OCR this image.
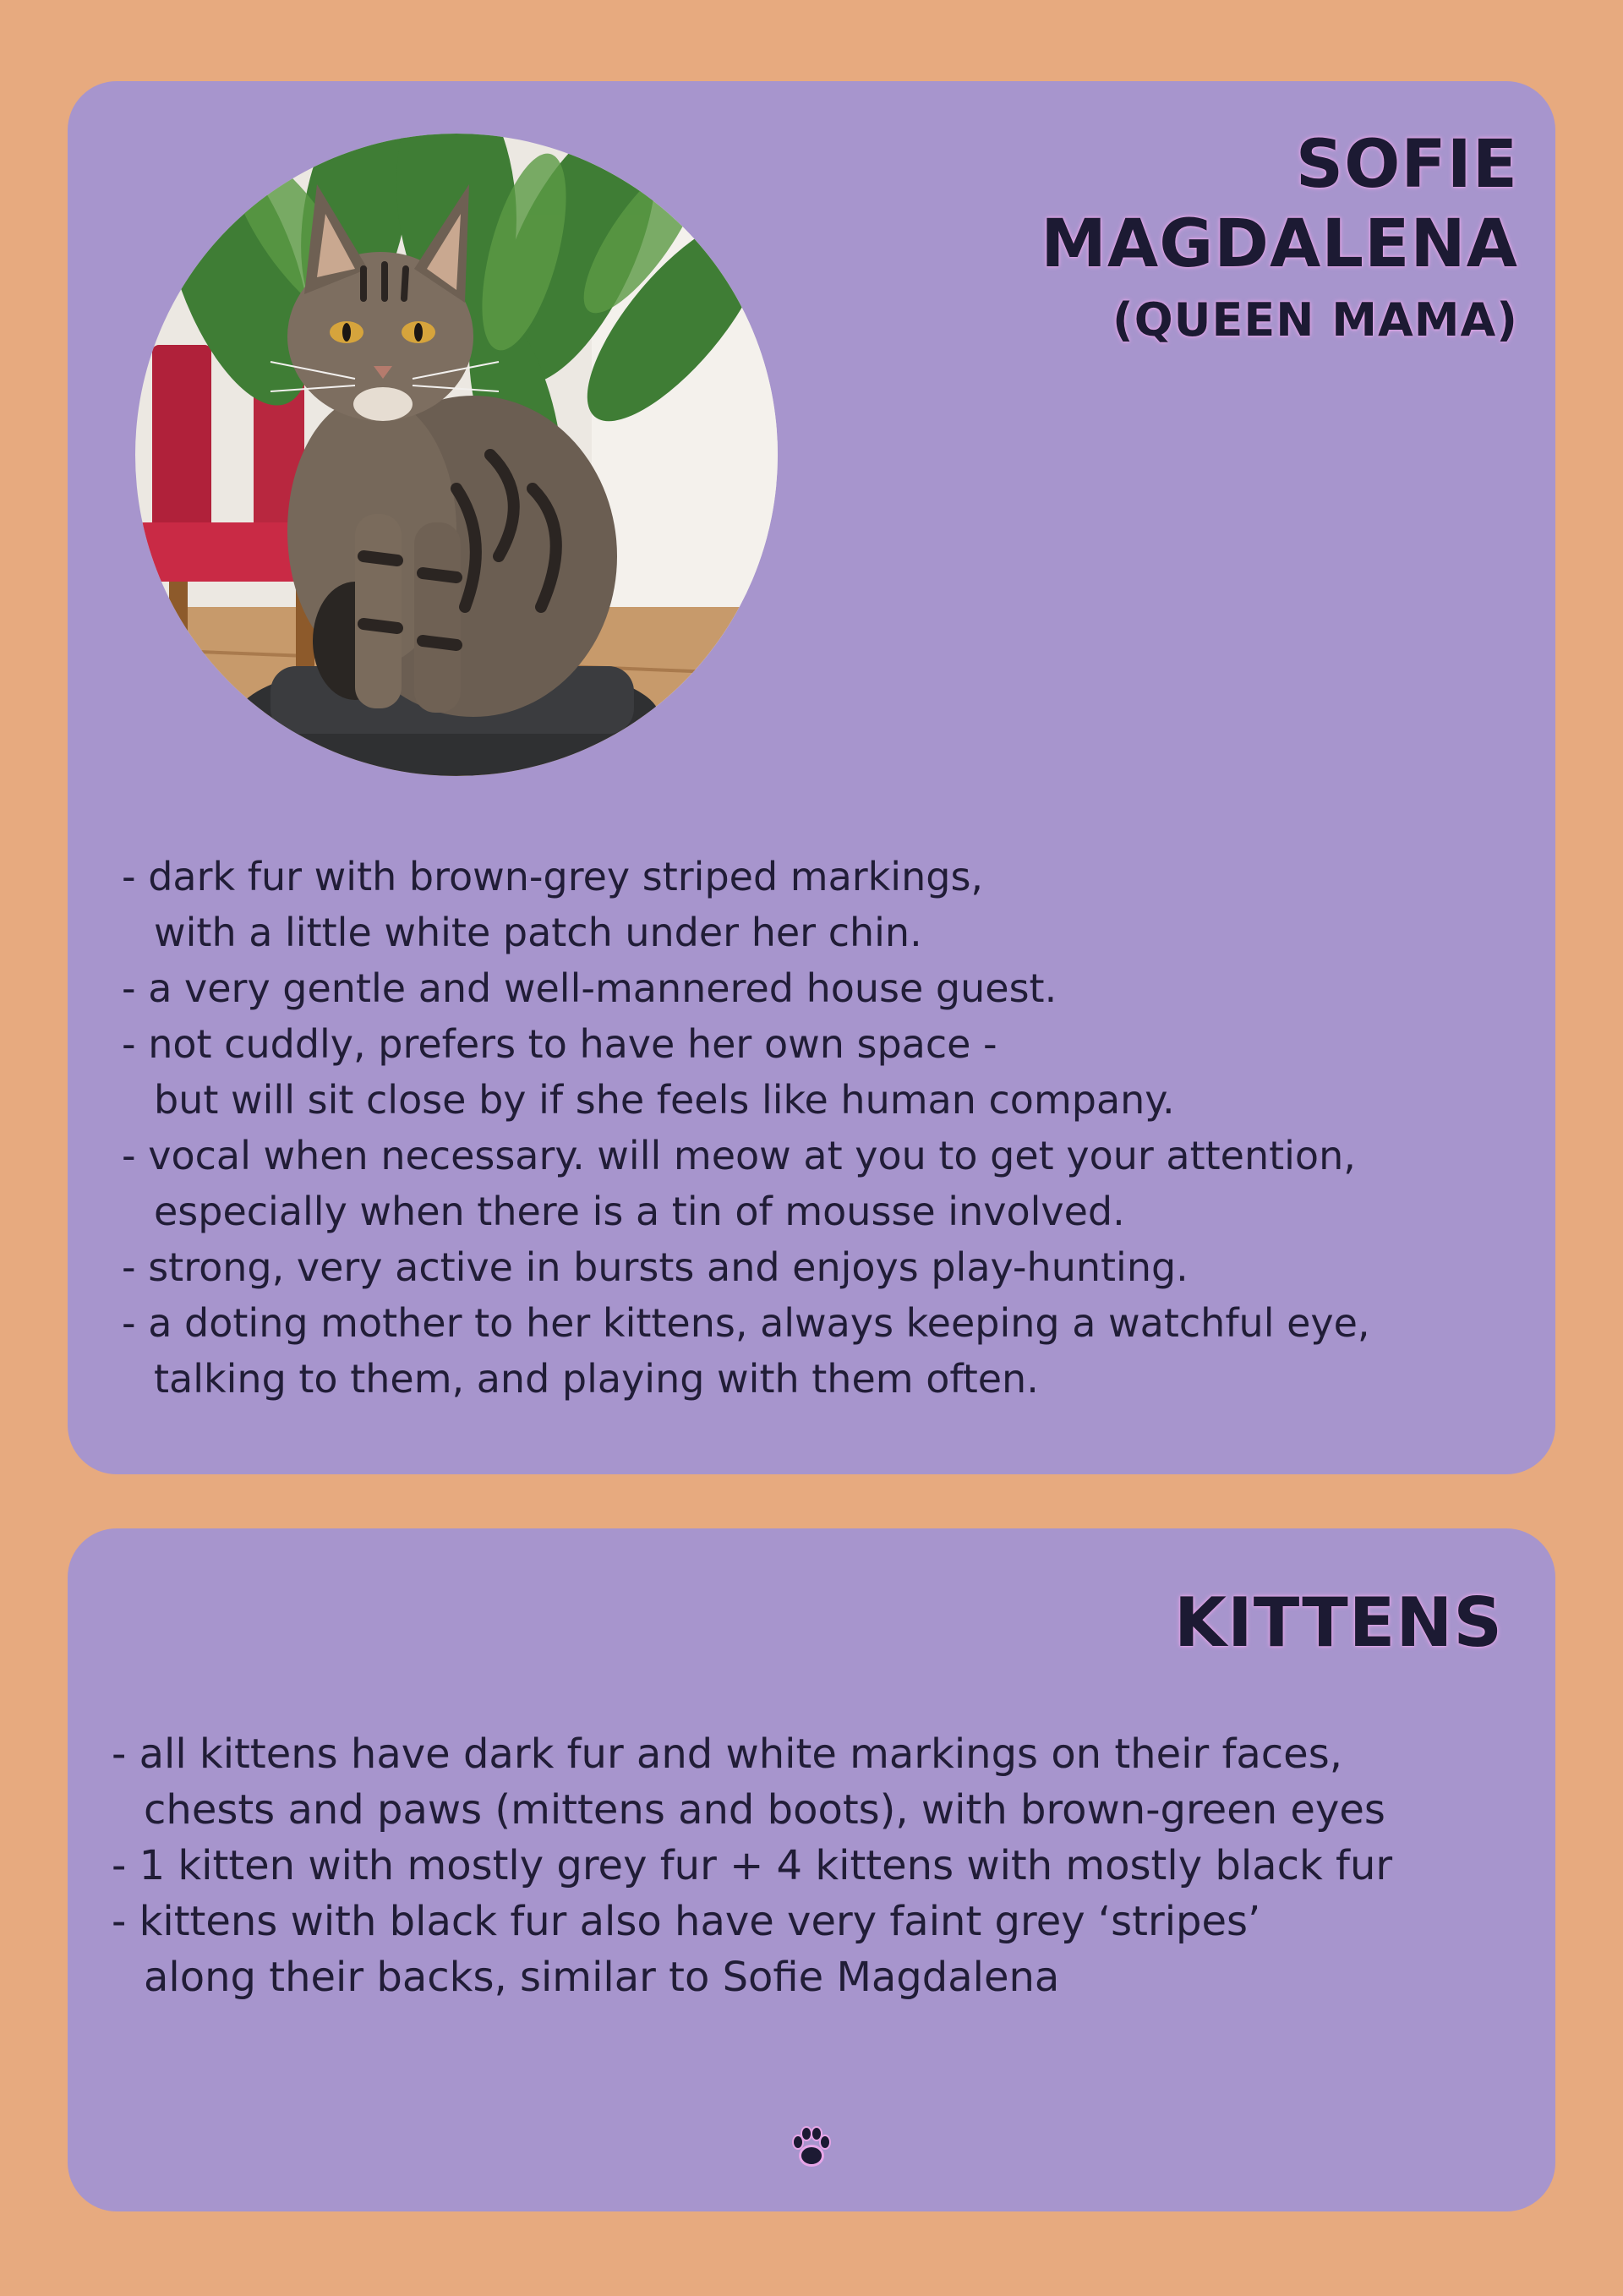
SOFIE
MAGDALENA
(QUEEN MAMA)
- dark fur with brown-grey striped markings,
with a little white patch under her chin.
- a very gentle and well-mannered house guest.
- not cuddly, prefers to have her own space -
but will sit close by if she feels like human company.
- vocal when necessary. will meow at you to get your attention,
especially when there is a tin of mousse involved.
- strong, very active in bursts and enjoys play-hunting.
- a doting mother to her kittens, always keeping a watchful eye,
talking to them, and playing with them often.
KITTENS
- all kittens have dark fur and white markings on their faces,
chests and paws (mittens and boots), with brown-green eyes
- 1 kitten with mostly grey fur + 4 kittens with mostly black fur
- kittens with black fur also have very faint grey ‘stripes’
along their backs, similar to Sofie Magdalena
